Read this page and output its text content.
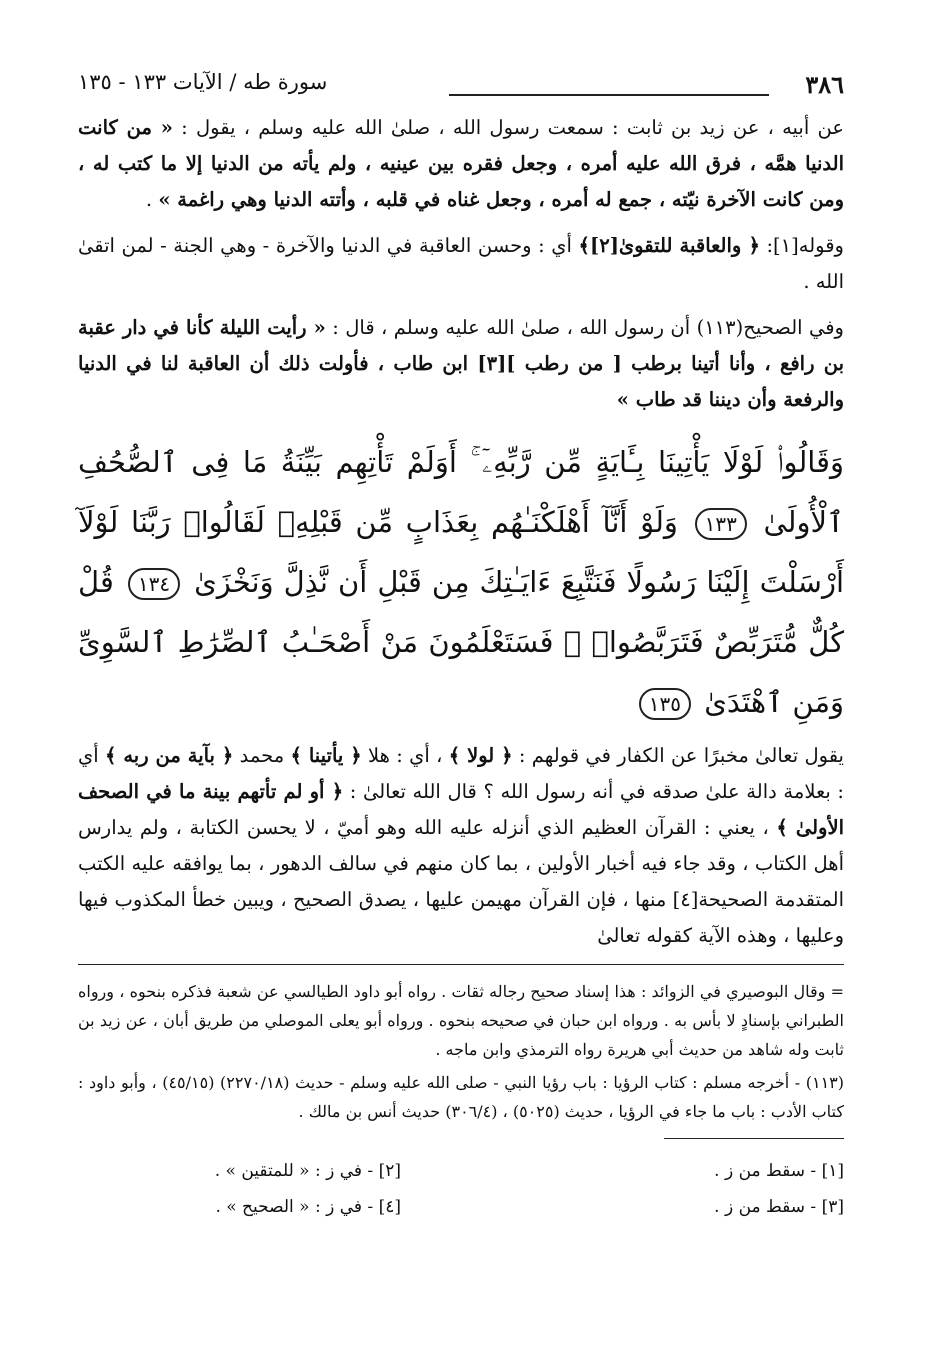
٣٨٦
سورة طه / الآيات ١٣٣ - ١٣٥

عن أبيه ، عن زيد بن ثابت : سمعت رسول الله ، صلىٰ الله عليه وسلم ، يقول : « من كانت الدنيا همَّه ، فرق الله عليه أمره ، وجعل فقره بين عينيه ، ولم يأته من الدنيا إلا ما كتب له ، ومن كانت الآخرة نيّته ، جمع له أمره ، وجعل غناه في قلبه ، وأتته الدنيا وهي راغمة » .

وقوله[١]: ﴿ والعاقبة للتقوىٰ[٢]﴾ أي : وحسن العاقبة في الدنيا والآخرة - وهي الجنة - لمن اتقىٰ الله .

وفي الصحيح(١١٣) أن رسول الله ، صلىٰ الله عليه وسلم ، قال : « رأيت الليلة كأنا في دار عقبة بن رافع ، وأنا أتينا برطب [ من رطب ][٣] ابن طاب ، فأولت ذلك أن العاقبة لنا في الدنيا والرفعة وأن ديننا قد طاب »

وَقَالُوا۟ لَوْلَا يَأْتِينَا بِـَٔايَةٍ مِّن رَّبِّهِۦٓ ۚ أَوَلَمْ تَأْتِهِم بَيِّنَةُ مَا فِى ٱلصُّحُفِ ٱلْأُولَىٰ ١٣٣ وَلَوْ أَنَّآ أَهْلَكْنَـٰهُم بِعَذَابٍ مِّن قَبْلِهِۦ لَقَالُوا۟ رَبَّنَا لَوْلَآ أَرْسَلْتَ إِلَيْنَا رَسُولًا فَنَتَّبِعَ ءَايَـٰتِكَ مِن قَبْلِ أَن نَّذِلَّ وَنَخْزَىٰ ١٣٤ قُلْ كُلٌّ مُّتَرَبِّصٌ فَتَرَبَّصُوا۟ ۖ فَسَتَعْلَمُونَ مَنْ أَصْحَـٰبُ ٱلصِّرَٰطِ ٱلسَّوِىِّ وَمَنِ ٱهْتَدَىٰ ١٣٥

يقول تعالىٰ مخبرًا عن الكفار في قولهم : ﴿ لولا ﴾ ، أي : هلا ﴿ يأتينا ﴾ محمد ﴿ بآية من ربه ﴾ أي : بعلامة دالة علىٰ صدقه في أنه رسول الله ؟ قال الله تعالىٰ : ﴿ أو لم تأتهم بينة ما في الصحف الأولىٰ ﴾ ، يعني : القرآن العظيم الذي أنزله عليه الله وهو أميّ ، لا يحسن الكتابة ، ولم يدارس أهل الكتاب ، وقد جاء فيه أخبار الأولين ، بما كان منهم في سالف الدهور ، بما يوافقه عليه الكتب المتقدمة الصحيحة[٤] منها ، فإن القرآن مهيمن عليها ، يصدق الصحيح ، ويبين خطأ المكذوب فيها وعليها ، وهذه الآية كقوله تعالىٰ

= وقال البوصيري في الزوائد : هذا إسناد صحيح رجاله ثقات . رواه أبو داود الطيالسي عن شعبة فذكره بنحوه ، ورواه الطبراني بإسنادٍ لا بأس به . ورواه ابن حبان في صحيحه بنحوه . ورواه أبو يعلى الموصلي من طريق أبان ، عن زيد بن ثابت وله شاهد من حديث أبي هريرة رواه الترمذي وابن ماجه .

(١١٣) - أخرجه مسلم : كتاب الرؤيا : باب رؤيا النبي - صلى الله عليه وسلم - حديث (٢٢٧٠/١٨) (٤٥/١٥) ، وأبو داود : كتاب الأدب : باب ما جاء في الرؤيا ، حديث (٥٠٢٥) ، (٣٠٦/٤) حديث أنس بن مالك .

[١] - سقط من ز .
[٢] - في ز : « للمتقين » .
[٣] - سقط من ز .
[٤] - في ز : « الصحيح » .
